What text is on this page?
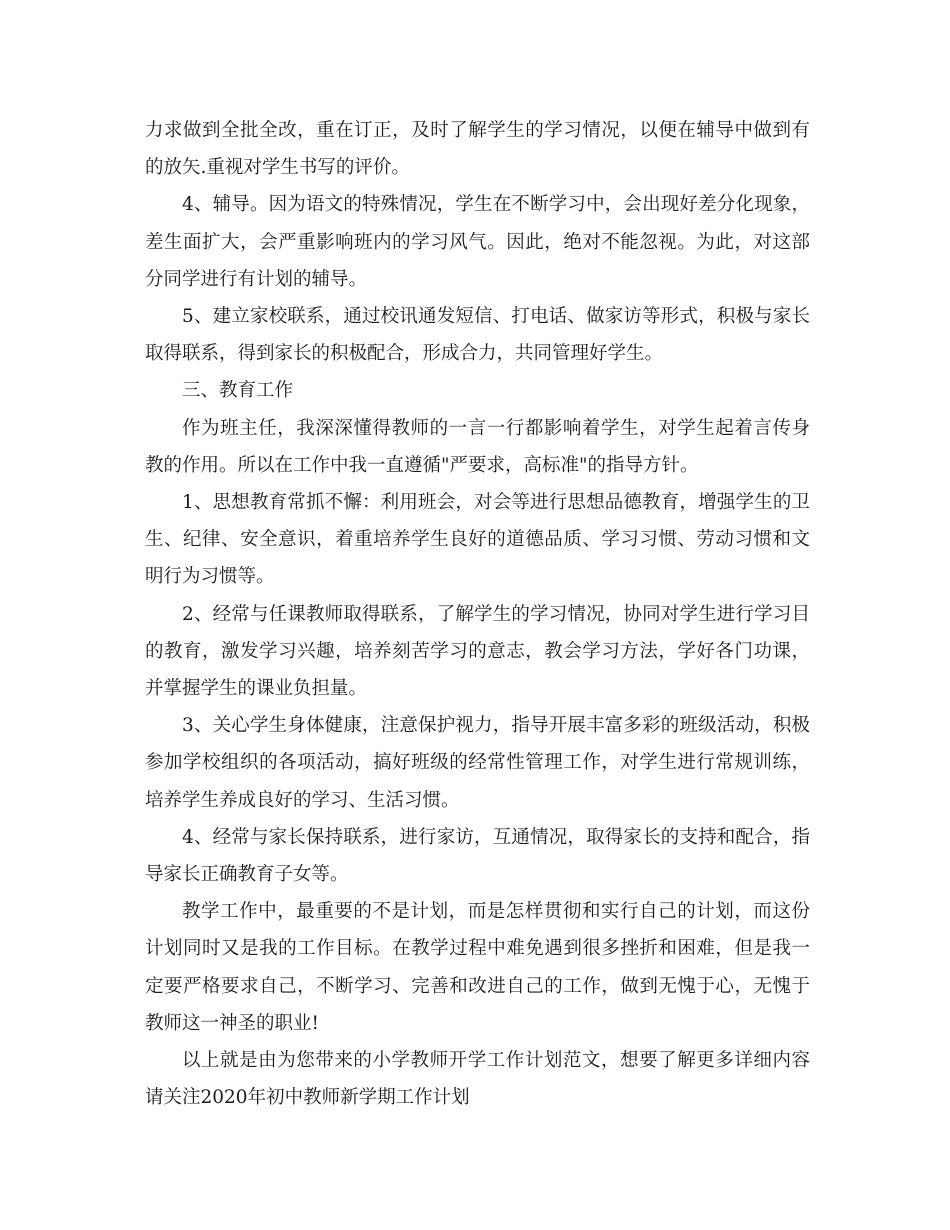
力求做到全批全改，重在订正，及时了解学生的学习情况，以便在辅导中做到有的放矢.重视对学生书写的评价。

4、辅导。因为语文的特殊情况，学生在不断学习中，会出现好差分化现象，差生面扩大，会严重影响班内的学习风气。因此，绝对不能忽视。为此，对这部分同学进行有计划的辅导。

5、建立家校联系，通过校讯通发短信、打电话、做家访等形式，积极与家长取得联系，得到家长的积极配合，形成合力，共同管理好学生。

三、教育工作

作为班主任，我深深懂得教师的一言一行都影响着学生，对学生起着言传身教的作用。所以在工作中我一直遵循"严要求，高标准"的指导方针。

1、思想教育常抓不懈：利用班会，对会等进行思想品德教育，增强学生的卫生、纪律、安全意识，着重培养学生良好的道德品质、学习习惯、劳动习惯和文明行为习惯等。

2、经常与任课教师取得联系，了解学生的学习情况，协同对学生进行学习目的教育，激发学习兴趣，培养刻苦学习的意志，教会学习方法，学好各门功课，并掌握学生的课业负担量。

3、关心学生身体健康，注意保护视力，指导开展丰富多彩的班级活动，积极参加学校组织的各项活动，搞好班级的经常性管理工作，对学生进行常规训练，培养学生养成良好的学习、生活习惯。

4、经常与家长保持联系，进行家访，互通情况，取得家长的支持和配合，指导家长正确教育子女等。

教学工作中，最重要的不是计划，而是怎样贯彻和实行自己的计划，而这份计划同时又是我的工作目标。在教学过程中难免遇到很多挫折和困难，但是我一定要严格要求自己，不断学习、完善和改进自己的工作，做到无愧于心，无愧于教师这一神圣的职业!

以上就是由为您带来的小学教师开学工作计划范文，想要了解更多详细内容请关注2020年初中教师新学期工作计划
